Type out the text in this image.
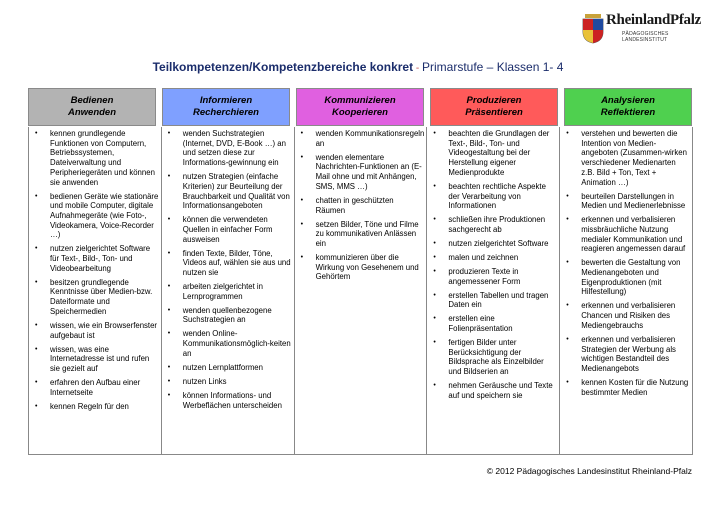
RheinlandPfalz
PÄDAGOGISCHES
LANDESINSTITUT
Teilkompetenzen/Kompetenzbereiche konkret - Primarstufe – Klassen 1- 4
Bedienen
Anwenden
Informieren
Recherchieren
Kommunizieren
Kooperieren
Produzieren
Präsentieren
Analysieren
Reflektieren
• kennen grundlegende Funktionen von Computern, Betriebssystemen, Dateiverwaltung und Peripheriegeräten und können sie anwenden
• bedienen Geräte wie stationäre und mobile Computer, digitale Aufnahmegeräte (wie Foto-, Videokamera, Voice-Recorder …)
• nutzen zielgerichtet Software für Text-, Bild-, Ton- und Videobearbeitung
• besitzen grundlegende Kenntnisse über Medien-bzw. Dateiformate und Speichermedien
• wissen, wie ein Browserfenster aufgebaut ist
• wissen, was eine Internetadresse ist und rufen sie gezielt auf
• erfahren den Aufbau einer Internetseite
• kennen Regeln für den

• wenden Suchstrategien (Internet, DVD, E-Book …) an und setzen diese zur Informations-gewinnung ein
• nutzen Strategien (einfache Kriterien) zur Beurteilung der Brauchbarkeit und Qualität von Informationsangeboten
• können die verwendeten Quellen in einfacher Form ausweisen
• finden Texte, Bilder, Töne, Videos auf, wählen sie aus und nutzen sie
• arbeiten zielgerichtet in Lernprogrammen
• wenden quellenbezogene Suchstrategien an
• wenden Online-Kommunikationsmöglich-keiten an
• nutzen Lernplattformen
• nutzen Links
• können Informations- und Werbeflächen unterscheiden

• wenden Kommunikationsregeln an
• wenden elementare Nachrichten-Funktionen an (E-Mail ohne und mit Anhängen, SMS, MMS …)
• chatten in geschützten Räumen
• setzen Bilder, Töne und Filme zu kommunikativen Anlässen ein
• kommunizieren über die Wirkung von Gesehenem und Gehörtem

• beachten die Grundlagen der Text-, Bild-, Ton- und Videogestaltung bei der Herstellung eigener Medienprodukte
• beachten rechtliche Aspekte der Verarbeitung von Informationen
• schließen ihre Produktionen sachgerecht ab
• nutzen zielgerichtet Software
• malen und zeichnen
• produzieren Texte in angemessener Form
• erstellen Tabellen und tragen Daten ein
• erstellen eine Folienpräsentation
• fertigen Bilder unter Berücksichtigung der Bildsprache als Einzelbilder und Bildserien an
• nehmen Geräusche und Texte auf und speichern sie

• verstehen und bewerten die Intention von Medien-angeboten (Zusammen-wirken verschiedener Medienarten z.B. Bild + Ton, Text + Animation …)
• beurteilen Darstellungen in Medien und Medienerlebnisse
• erkennen und verbalisieren missbräuchliche Nutzung medialer Kommunikation und reagieren angemessen darauf
• bewerten die Gestaltung von Medienangeboten und Eigenproduktionen (mit Hilfestellung)
• erkennen und verbalisieren Chancen und Risiken des Mediengebrauchs
• erkennen und verbalisieren Strategien der Werbung als wichtigen Bestandteil des Medienangebots
• kennen Kosten für die Nutzung bestimmter Medien
© 2012 Pädagogisches Landesinstitut Rheinland-Pfalz
